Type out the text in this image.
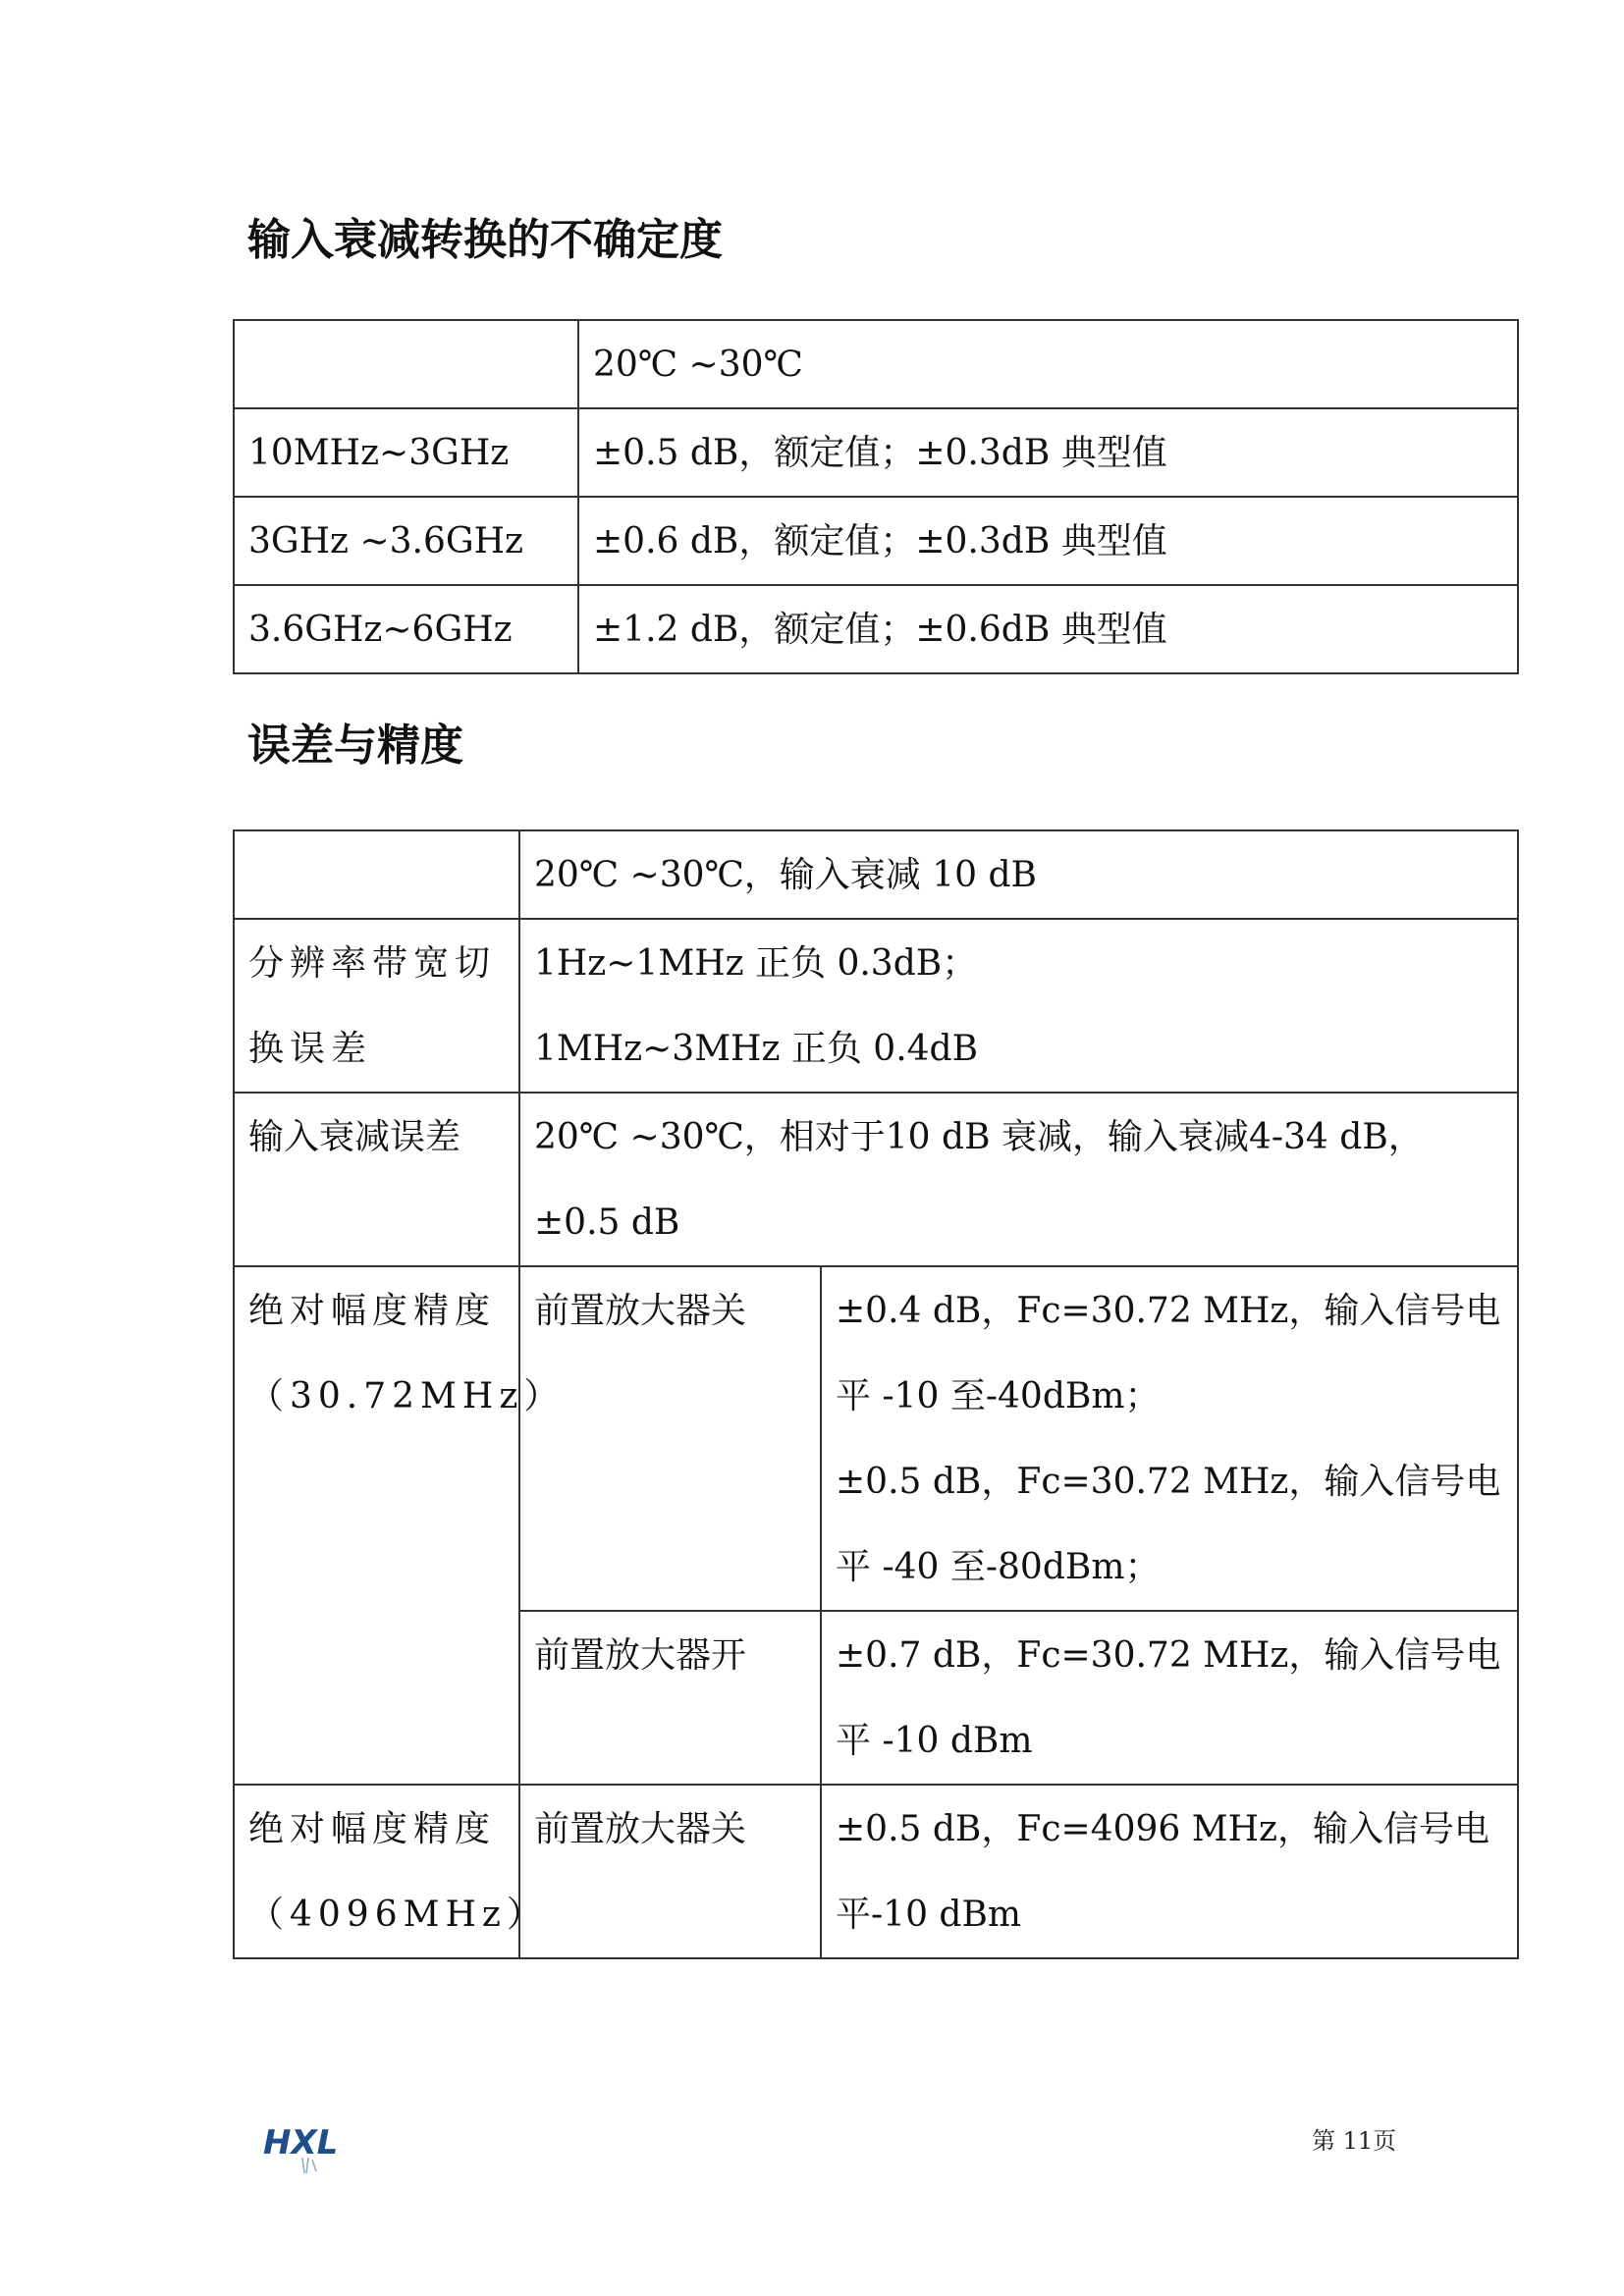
输入衰减转换的不确定度
	20℃ ~30℃
10MHz~3GHz	±0.5 dB，额定值；±0.3dB 典型值
3GHz ~3.6GHz	±0.6 dB，额定值；±0.3dB 典型值
3.6GHz~6GHz	±1.2 dB，额定值；±0.6dB 典型值
误差与精度
	20℃ ~30℃，输入衰减 10 dB	
分辨率带宽切换误差	1Hz~1MHz 正负 0.3dB；
1MHz~3MHz 正负 0.4dB	

输入衰减误差	20℃ ~30℃，相对于10 dB 衰减，输入衰减4-34 dB，±0.5 dB	
绝对幅度精度（30.72MHz）	前置放大器关	±0.4 dB，Fc=30.72 MHz，输入信号电平 -10 至-40dBm；
±0.5 dB，Fc=30.72 MHz，输入信号电平 -40 至-80dBm；

	前置放大器开	±0.7 dB，Fc=30.72 MHz，输入信号电平 -10 dBm
绝对幅度精度（4096MHz）	前置放大器关	±0.5 dB，Fc=4096 MHz，输入信号电平-10 dBm
HXL	第 11页
